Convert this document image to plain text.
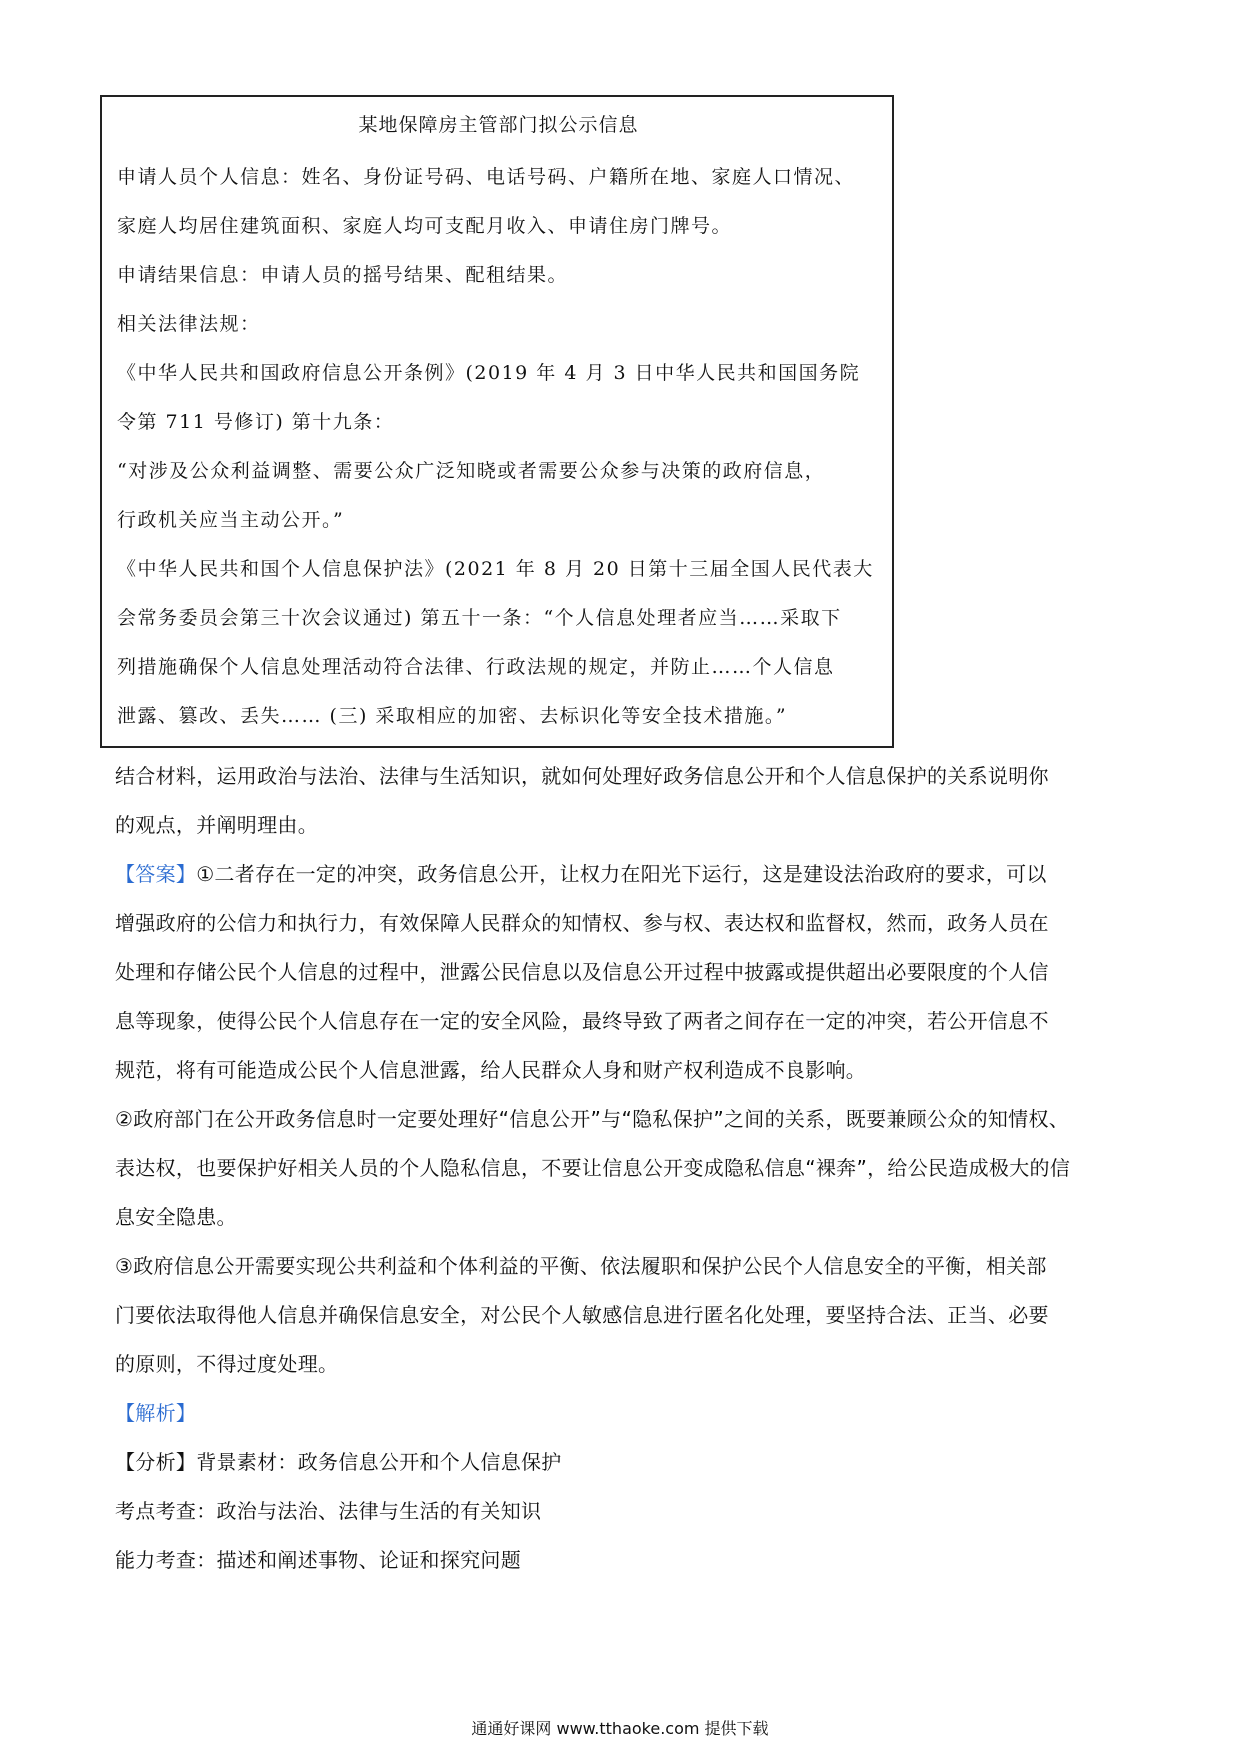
某地保障房主管部门拟公示信息
申请人员个人信息：姓名、身份证号码、电话号码、户籍所在地、家庭人口情况、
家庭人均居住建筑面积、家庭人均可支配月收入、申请住房门牌号。
申请结果信息：申请人员的摇号结果、配租结果。
相关法律法规：
《中华人民共和国政府信息公开条例》(2019 年 4 月 3 日中华人民共和国国务院
令第 711 号修订) 第十九条：
“对涉及公众利益调整、需要公众广泛知晓或者需要公众参与决策的政府信息，
行政机关应当主动公开。”
《中华人民共和国个人信息保护法》(2021 年 8 月 20 日第十三届全国人民代表大
会常务委员会第三十次会议通过) 第五十一条：“个人信息处理者应当……采取下
列措施确保个人信息处理活动符合法律、行政法规的规定，并防止……个人信息
泄露、篡改、丢失…… (三) 采取相应的加密、去标识化等安全技术措施。”
结合材料，运用政治与法治、法律与生活知识，就如何处理好政务信息公开和个人信息保护的关系说明你
的观点，并阐明理由。
【答案】①二者存在一定的冲突，政务信息公开，让权力在阳光下运行，这是建设法治政府的要求，可以
增强政府的公信力和执行力，有效保障人民群众的知情权、参与权、表达权和监督权，然而，政务人员在
处理和存储公民个人信息的过程中，泄露公民信息以及信息公开过程中披露或提供超出必要限度的个人信
息等现象，使得公民个人信息存在一定的安全风险，最终导致了两者之间存在一定的冲突，若公开信息不
规范，将有可能造成公民个人信息泄露，给人民群众人身和财产权利造成不良影响。
②政府部门在公开政务信息时一定要处理好“信息公开”与“隐私保护”之间的关系，既要兼顾公众的知情权、
表达权，也要保护好相关人员的个人隐私信息，不要让信息公开变成隐私信息“裸奔”，给公民造成极大的信
息安全隐患。
③政府信息公开需要实现公共利益和个体利益的平衡、依法履职和保护公民个人信息安全的平衡，相关部
门要依法取得他人信息并确保信息安全，对公民个人敏感信息进行匿名化处理，要坚持合法、正当、必要
的原则，不得过度处理。
【解析】
【分析】背景素材：政务信息公开和个人信息保护
考点考查：政治与法治、法律与生活的有关知识
能力考查：描述和阐述事物、论证和探究问题
通通好课网 www.tthaoke.com 提供下载
